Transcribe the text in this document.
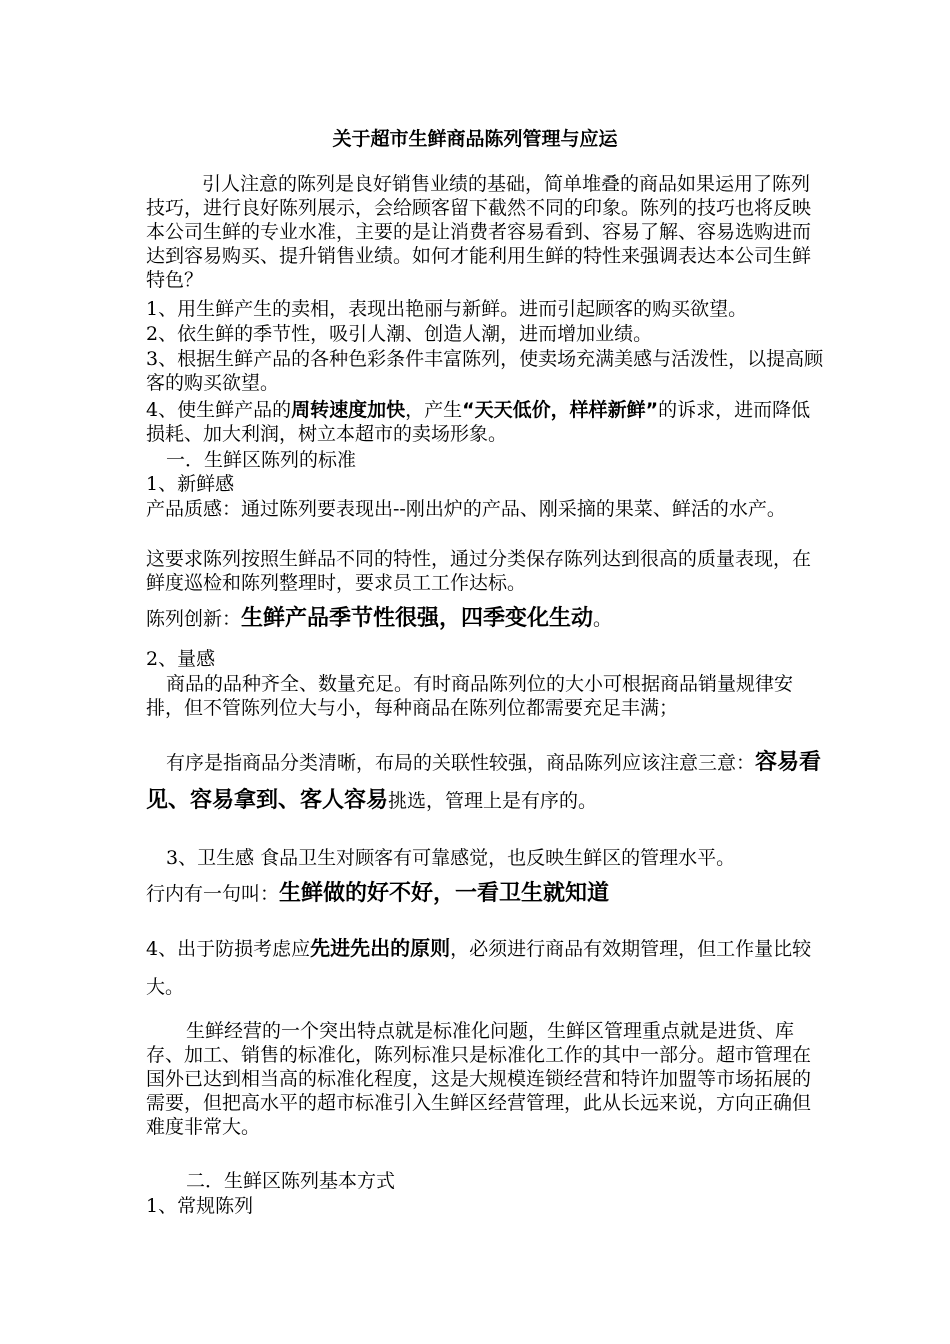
关于超市生鲜商品陈列管理与应运

引人注意的陈列是良好销售业绩的基础，简单堆叠的商品如果运用了陈列技巧，进行良好陈列展示，会给顾客留下截然不同的印象。陈列的技巧也将反映本公司生鲜的专业水准，主要的是让消费者容易看到、容易了解、容易选购进而达到容易购买、提升销售业绩。如何才能利用生鲜的特性来强调表达本公司生鲜特色？

1、用生鲜产生的卖相，表现出艳丽与新鲜。进而引起顾客的购买欲望。

2、依生鲜的季节性，吸引人潮、创造人潮，进而增加业绩。

3、根据生鲜产品的各种色彩条件丰富陈列，使卖场充满美感与活泼性，以提高顾客的购买欲望。

4、使生鲜产品的周转速度加快，产生“天天低价，样样新鲜”的诉求，进而降低损耗、加大利润，树立本超市的卖场形象。

一．生鲜区陈列的标准

1、新鲜感

产品质感：通过陈列要表现出--刚出炉的产品、刚采摘的果菜、鲜活的水产。

这要求陈列按照生鲜品不同的特性，通过分类保存陈列达到很高的质量表现，在鲜度巡检和陈列整理时，要求员工工作达标。

陈列创新：生鲜产品季节性很强，四季变化生动。

2、量感

商品的品种齐全、数量充足。有时商品陈列位的大小可根据商品销量规律安排，但不管陈列位大与小，每种商品在陈列位都需要充足丰满；

有序是指商品分类清晰，布局的关联性较强，商品陈列应该注意三意：容易看见、容易拿到、客人容易挑选，管理上是有序的。

3、卫生感 食品卫生对顾客有可靠感觉，也反映生鲜区的管理水平。

行内有一句叫：生鲜做的好不好，一看卫生就知道

4、出于防损考虑应先进先出的原则，必须进行商品有效期管理，但工作量比较大。

生鲜经营的一个突出特点就是标准化问题，生鲜区管理重点就是进货、库存、加工、销售的标准化，陈列标准只是标准化工作的其中一部分。超市管理在国外已达到相当高的标准化程度，这是大规模连锁经营和特许加盟等市场拓展的需要，但把高水平的超市标准引入生鲜区经营管理，此从长远来说，方向正确但难度非常大。

二．生鲜区陈列基本方式

1、常规陈列
